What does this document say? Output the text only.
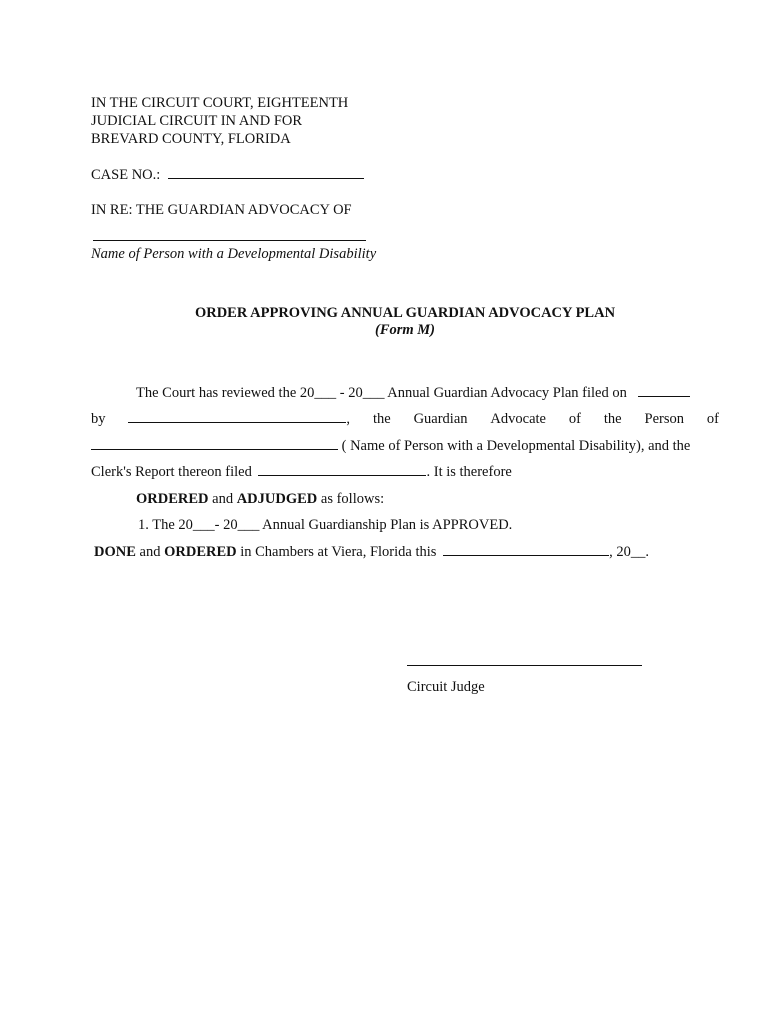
IN THE CIRCUIT COURT, EIGHTEENTH
JUDICIAL CIRCUIT IN AND FOR
BREVARD COUNTY, FLORIDA
CASE NO.:
IN RE: THE GUARDIAN ADVOCACY OF
Name of Person with a Developmental Disability
ORDER APPROVING ANNUAL GUARDIAN ADVOCACY PLAN
(Form M)
The Court has reviewed the 20___ - 20___ Annual Guardian Advocacy Plan filed on
by	, the Guardian Advocate of the Person of
( Name of Person with a Developmental Disability), and the
Clerk's Report thereon filed	. It is therefore
ORDERED and ADJUDGED as follows:
1. The 20___- 20___ Annual Guardianship Plan is APPROVED.
DONE and ORDERED in Chambers at Viera, Florida this	, 20__.
Circuit Judge
